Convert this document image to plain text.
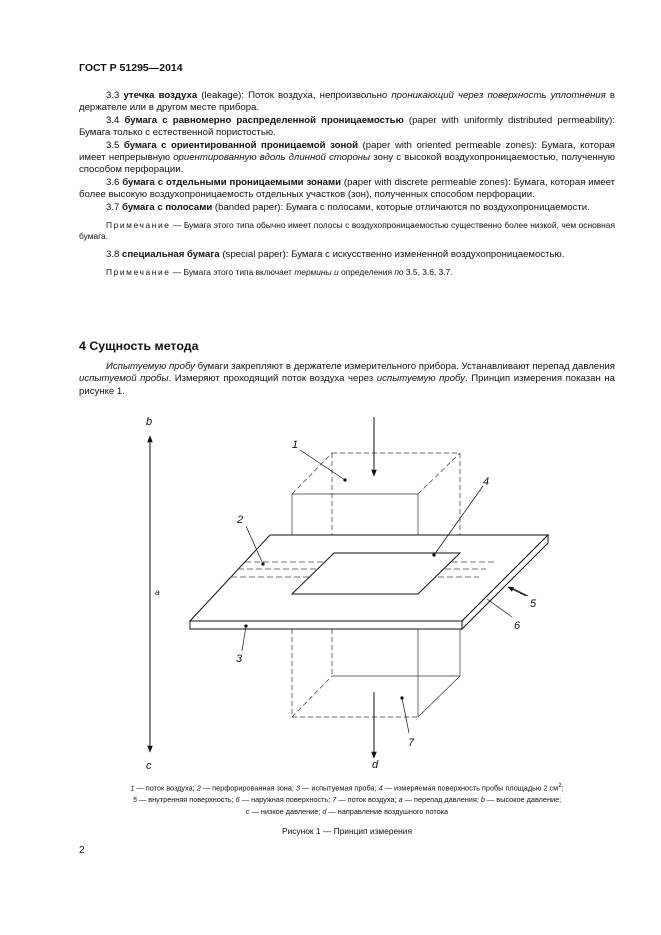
ГОСТ Р 51295—2014

3.3 утечка воздуха (leakage): Поток воздуха, непроизвольно проникающий через поверхность уплотнения в держателе или в другом месте прибора.

3.4 бумага с равномерно распределенной проницаемостью (paper with uniformly distributed permeability): Бумага только с естественной пористостью.

3.5 бумага с ориентированной проницаемой зоной (paper with oriented permeable zones): Бумага, которая имеет непрерывную ориентированную вдоль длинной стороны зону с высокой воздухопроницаемостью, полученную способом перфорации.

3.6 бумага с отдельными проницаемыми зонами (paper with discrete permeable zones): Бумага, которая имеет более высокую воздухопроницаемость отдельных участков (зон), полученных способом перфорации.

3.7 бумага с полосами (banded paper): Бумага с полосами, которые отличаются по воздухопроницаемости.

Примечание — Бумага этого типа обычно имеет полосы с воздухопроницаемостью существенно более низкой, чем основная бумага.

3.8 специальная бумага (special paper): Бумага с искусственно измененной воздухопроницаемостью.

Примечание — Бумага этого типа включает термины и определения по 3.5, 3.6, 3.7.

4 Сущность метода

Испытуемую пробу бумаги закрепляют в держателе измерительного прибора. Устанавливают перепад давления испытуемой пробы. Измеряют проходящий поток воздуха через испытуемую пробу. Принцип измерения показан на рисунке 1.

b
c
a
d
1
2
3
4
5
6
7
1 — поток воздуха; 2 — перфорированная зона; 3 — испытуемая проба; 4 — измеряемая поверхность пробы площадью 2 $см^2$;
5 — внутренняя поверхность; 6 — наружная поверхность; 7 — поток воздуха; a — перепад давления; b — высокое давление;
c — низкое давление; d — направление воздушного потока
Рисунок 1 — Принцип измерения
2
